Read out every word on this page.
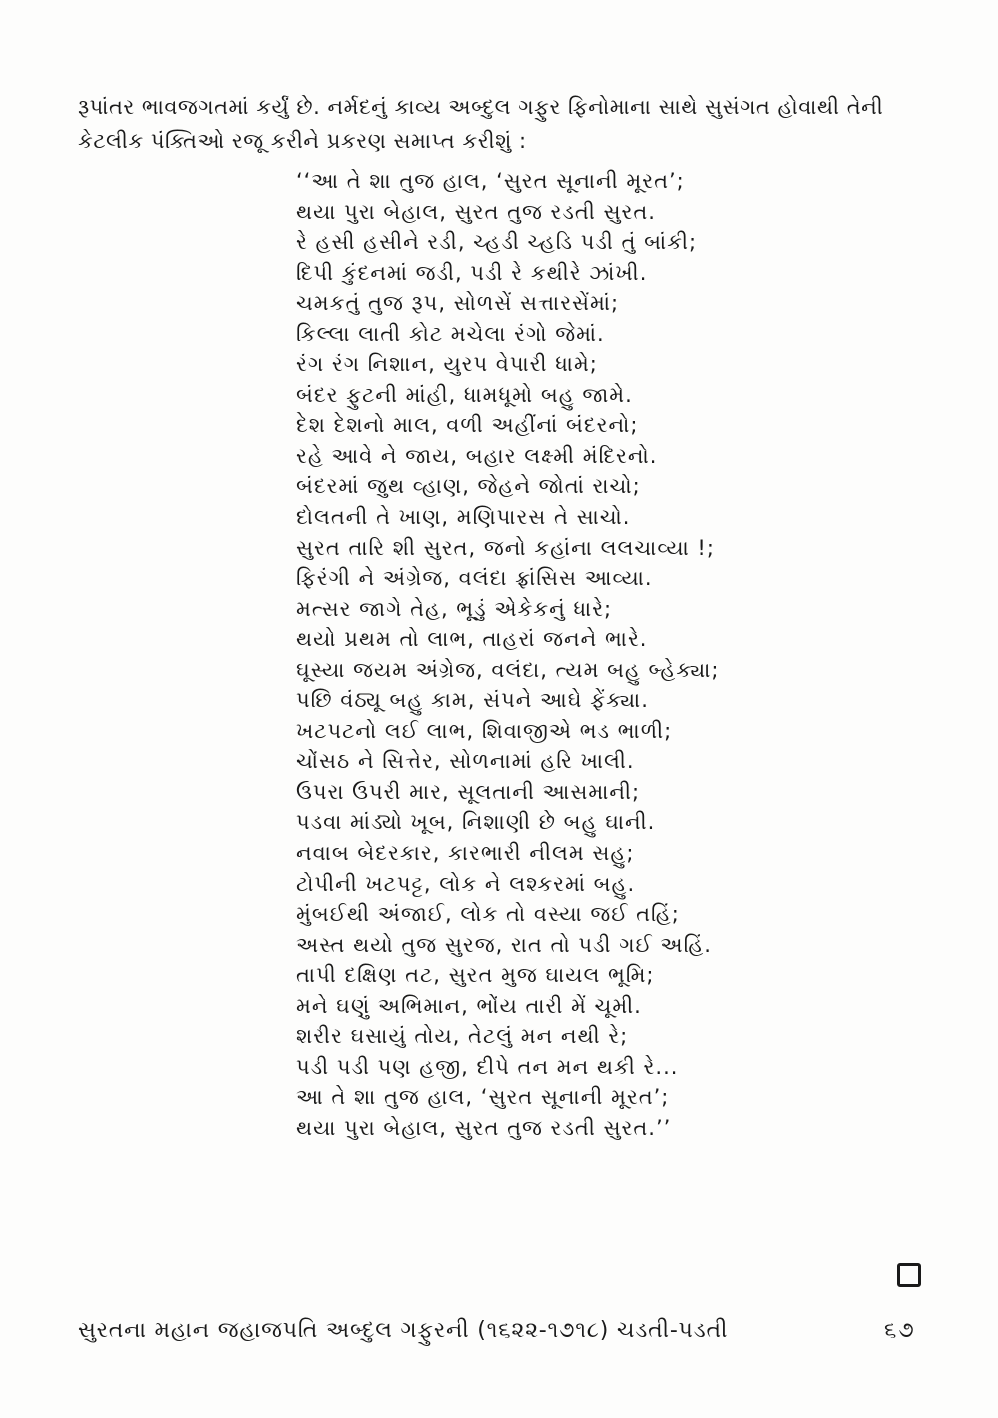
રૂપાંતર ભાવજગતમાં કર્યું છે. નર્મદનું કાવ્ય અબ્દુલ ગફુર ફિનોમાના સાથે સુસંગત હોવાથી તેની

કેટલીક પંક્તિઓ રજૂ કરીને પ્રકરણ સમાપ્ત કરીશું :

‘‘આ તે શા તુજ હાલ, ‘સુરત સૂનાની મૂરત’;
થયા પુરા બેહાલ, સુરત તુજ રડતી સુરત.
રે હસી હસીને રડી, ચ્હડી ચ્હડિ પડી તું બાંકી;
દિપી કુંદનમાં જડી, પડી રે કથીરે ઝાંખી.
ચમકતું તુજ રૂપ, સોળસેં સત્તારસેંમાં;
કિલ્લા લાતી કોટ મચેલા રંગો જેમાં.
રંગ રંગ નિશાન, યુરપ વેપારી ધામે;
બંદર ફુટની માંહી, ધામધૂમો બહુ જામે.
દેશ દેશનો માલ, વળી અહીંનાં બંદરનો;
રહે આવે ને જાય, બહાર લક્ષ્મી મંદિરનો.
બંદરમાં જુથ વ્હાણ, જેહને જોતાં રાચો;
દોલતની તે ખાણ, મણિપારસ તે સાચો.
સુરત તારિ શી સુરત, જનો કહાંના લલચાવ્યા !;
ફિરંગી ને અંગ્રેજ, વલંદા ફ્રાંસિસ આવ્યા.
મત્સર જાગે તેહ, ભૂડું એકેકનું ધારે;
થયો પ્રથમ તો લાભ, તાહરાં જનને ભારે.
ઘૂસ્યા જયમ અંગ્રેજ, વલંદા, ત્યમ બહુ બ્હેક્યા;
પછિ વંઠ્યૂ બહુ કામ, સંપને આઘે ફેંક્યા.
ખટપટનો લઈ લાભ, શિવાજીએ ભડ ભાળી;
ચોંસઠ ને સિત્તેર, સોળનામાં હરિ ખાલી.
ઉપરા ઉપરી માર, સૂલતાની આસમાની;
પડવા માંડ્યો ખૂબ, નિશાણી છે બહુ ઘાની.
નવાબ બેદરકાર, કારભારી નીલમ સહુ;
ટોપીની ખટપટ્ટ, લોક ને લશ્કરમાં બહુ.
મુંબઈથી અંજાઈ, લોક તો વસ્યા જઈ તહિં;
અસ્ત થયો તુજ સુરજ, રાત તો પડી ગઈ અહિં.
તાપી દક્ષિણ તટ, સુરત મુજ ઘાયલ ભૂમિ;
મને ઘણું અભિમાન, ભોંય તારી મેં ચૂમી.
શરીર ઘસાયું તોય, તેટલું મન નથી રે;
પડી પડી પણ હજી, દીપે તન મન થકી રે...
આ તે શા તુજ હાલ, ‘સુરત સૂનાની મૂરત’;
થયા પુરા બેહાલ, સુરત તુજ રડતી સુરત.’’
સુરતના મહાન જહાજપતિ અબ્દુલ ગફુરની (૧૬૨૨-૧૭૧૮) ચડતી-પડતી	૬૭
